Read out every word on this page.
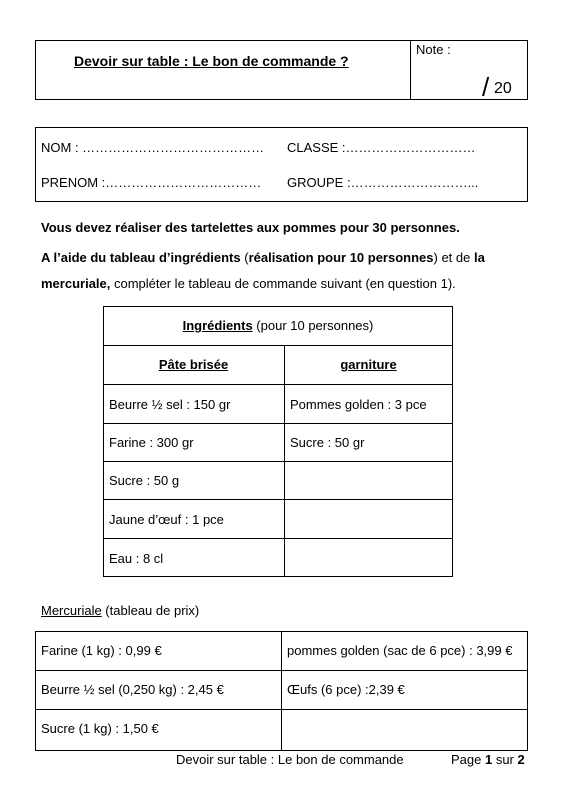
Devoir sur table : Le bon de commande ?
Note :
/ 20
NOM : …………………………………… CLASSE :…………………………
PRENOM :……………………………… GROUPE :………………………...
Vous devez réaliser des tartelettes aux pommes pour 30 personnes.
A l’aide du tableau d’ingrédients (réalisation pour 10 personnes) et de la
mercuriale, compléter le tableau de commande suivant (en question 1).
Ingrédients (pour 10 personnes)
Pâte brisée	garniture
Beurre ½ sel : 150 gr	Pommes golden : 3 pce
Farine : 300 gr	Sucre : 50 gr
Sucre : 50 g
Jaune d’œuf : 1 pce
Eau : 8 cl
Mercuriale (tableau de prix)
Farine (1 kg) : 0,99 €	pommes golden (sac de 6 pce) : 3,99 €
Beurre ½ sel (0,250 kg) : 2,45 €	Œufs (6 pce) :2,39 €
Sucre (1 kg) : 1,50 €
Devoir sur table : Le bon de commande	Page 1 sur 2
